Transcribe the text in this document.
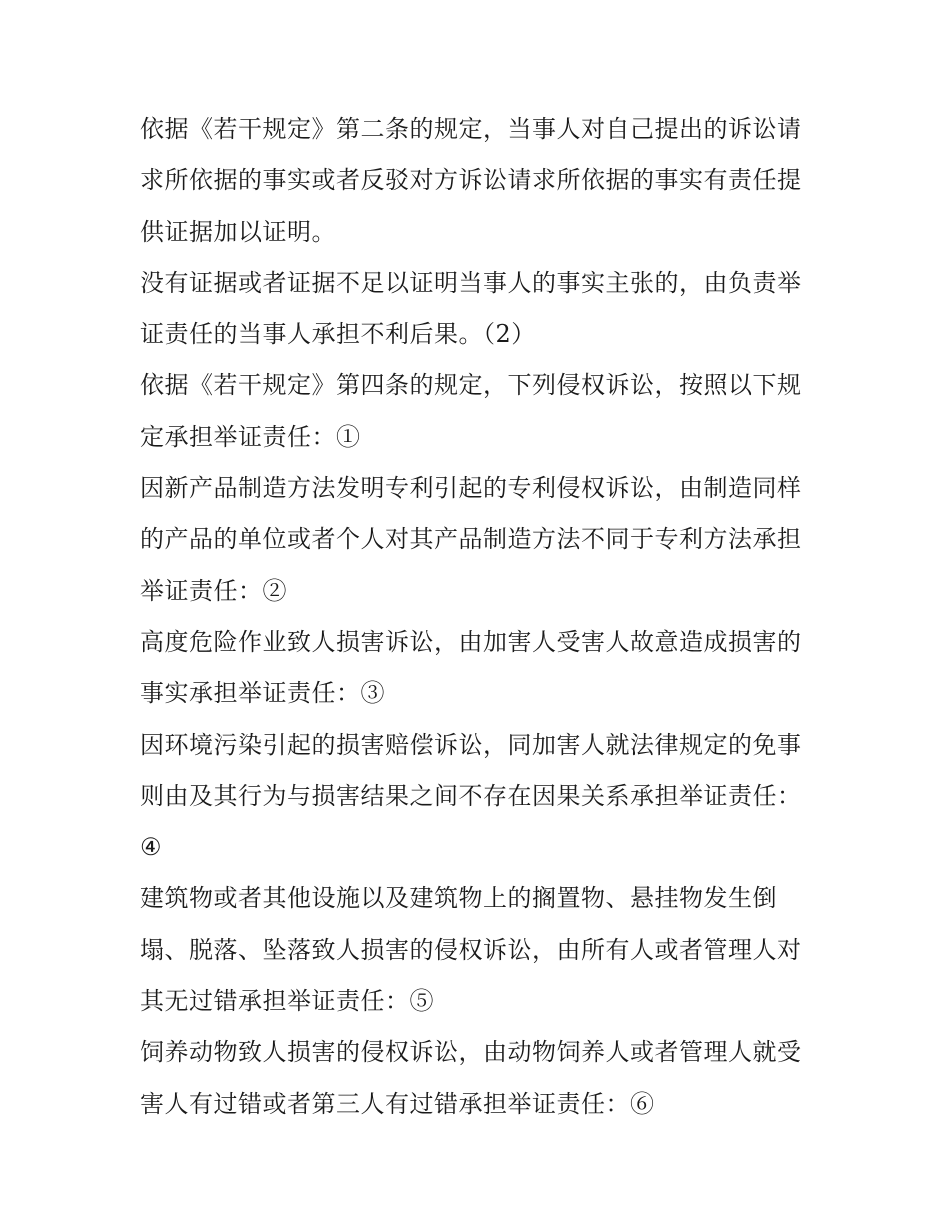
依据《若干规定》第二条的规定，当事人对自己提出的诉讼请
求所依据的事实或者反驳对方诉讼请求所依据的事实有责任提
供证据加以证明。

没有证据或者证据不足以证明当事人的事实主张的，由负责举
证责任的当事人承担不利后果。（2）

依据《若干规定》第四条的规定，下列侵权诉讼，按照以下规
定承担举证责任：①

因新产品制造方法发明专利引起的专利侵权诉讼，由制造同样
的产品的单位或者个人对其产品制造方法不同于专利方法承担
举证责任：②

高度危险作业致人损害诉讼，由加害人受害人故意造成损害的
事实承担举证责任：③

因环境污染引起的损害赔偿诉讼，同加害人就法律规定的免事
则由及其行为与损害结果之间不存在因果关系承担举证责任：
④

建筑物或者其他设施以及建筑物上的搁置物、悬挂物发生倒
塌、脱落、坠落致人损害的侵权诉讼，由所有人或者管理人对
其无过错承担举证责任：⑤

饲养动物致人损害的侵权诉讼，由动物饲养人或者管理人就受
害人有过错或者第三人有过错承担举证责任：⑥
